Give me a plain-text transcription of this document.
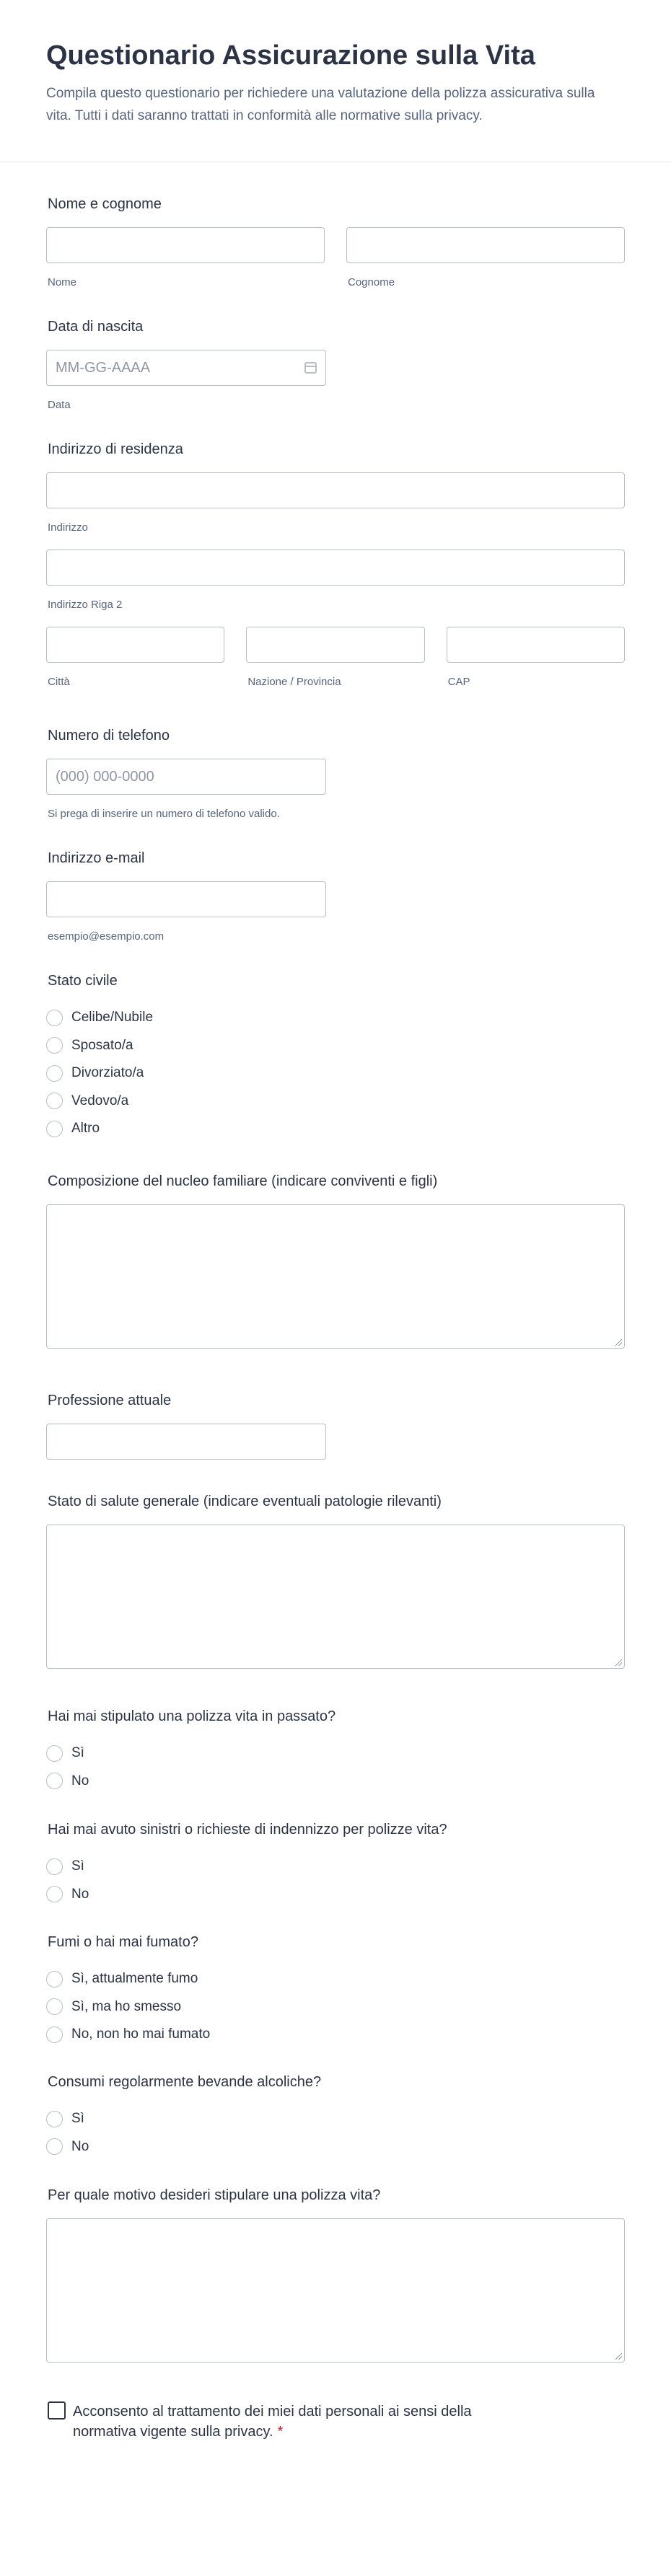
Questionario Assicurazione sulla Vita

Compila questo questionario per richiedere una valutazione della polizza assicurativa sulla vita. Tutti i dati saranno trattati in conformità alle normative sulla privacy.

Nome e cognome
Nome	Cognome
Data di nascita
MM-GG-AAAA
Data
Indirizzo di residenza
Indirizzo
Indirizzo Riga 2
Città	Nazione / Provincia	CAP
Numero di telefono
(000) 000-0000
Si prega di inserire un numero di telefono valido.
Indirizzo e-mail
esempio@esempio.com
Stato civile
Celibe/Nubile
Sposato/a
Divorziato/a
Vedovo/a
Altro
Composizione del nucleo familiare (indicare conviventi e figli)
Professione attuale
Stato di salute generale (indicare eventuali patologie rilevanti)
Hai mai stipulato una polizza vita in passato?
Sì
No
Hai mai avuto sinistri o richieste di indennizzo per polizze vita?
Sì
No
Fumi o hai mai fumato?
Sì, attualmente fumo
Sì, ma ho smesso
No, non ho mai fumato
Consumi regolarmente bevande alcoliche?
Sì
No
Per quale motivo desideri stipulare una polizza vita?
Acconsento al trattamento dei miei dati personali ai sensi della normativa vigente sulla privacy. *
